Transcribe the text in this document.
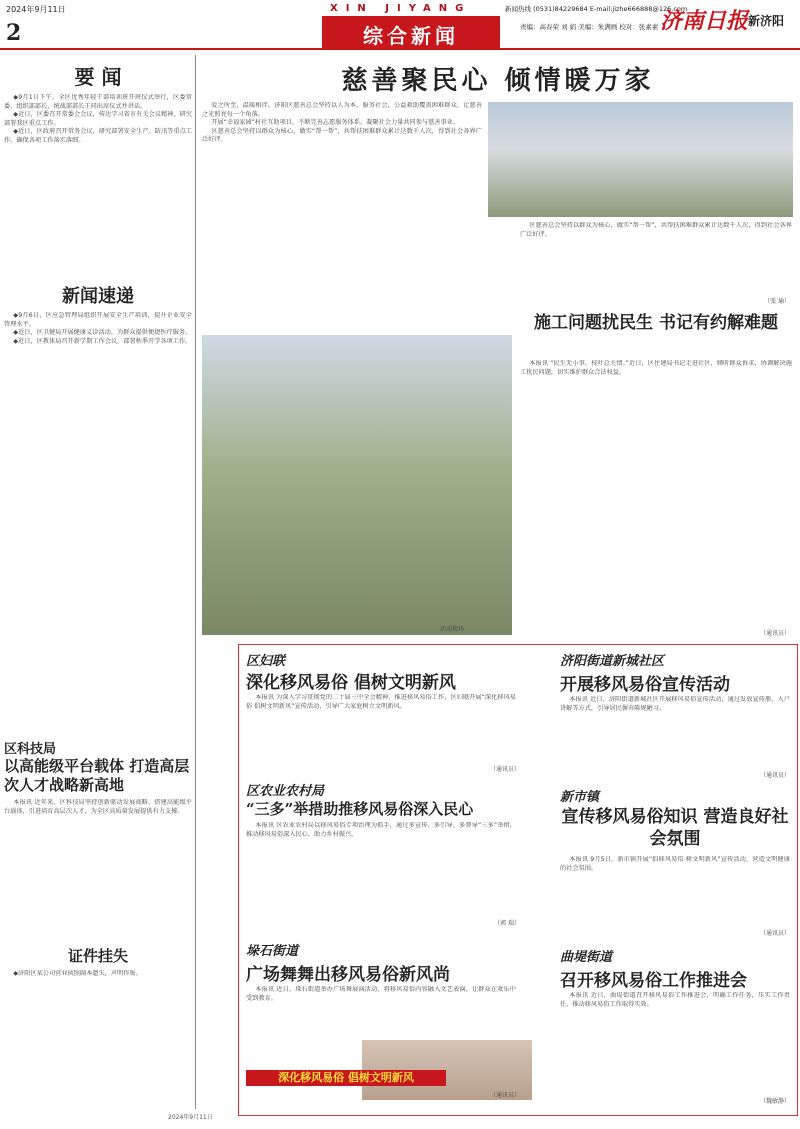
2024年9月11日
2
XIN JIYANG
综合新闻
新闻热线 (0531)84229684 E-mail:jizhe666888@126.com
责编：高春荣 刘 娟 美编：朱满画 校对：张素素 济南日报 新济阳
要 闻

◆9月1日下午，全区优秀年轻干部培训班开班仪式举行，区委常委、组织部部长、统战部部长王同出席仪式并讲话。

◆近日，区委召开常委会会议，传达学习省市有关会议精神，研究部署我区重点工作。

◆近日，区政府召开常务会议，研究部署安全生产、防汛等重点工作，确保各项工作落实落细。

新闻速递

◆9月6日，区应急管理局组织开展安全生产培训，提升企业安全管理水平。

◆近日，区卫健局开展健康义诊活动，为群众提供便捷医疗服务。

◆近日，区教体局召开新学期工作会议，部署秋季开学各项工作。

区科技局
以高能级平台载体 打造高层次人才战略新高地

本报讯 近年来，区科技局坚持创新驱动发展战略，搭建高能级平台载体，引进培育高层次人才，为全区高质量发展提供有力支撑。

证件挂失

◆济阳区某公司营业执照副本遗失，声明作废。

慈善聚民心 倾情暖万家

爱之所至，温暖相伴。济阳区慈善总会坚持以人为本，服务社会，公益救助覆盖困难群众，让慈善之光照亮每一个角落。

开展“幸福家园”村社互助项目，不断完善志愿服务体系，凝聚社会力量共同参与慈善事业。

区慈善总会坚持以群众为核心，做实“帮一帮”，共帮扶困难群众累计达数千人次，得到社会各界广泛好评。

活动现场

区慈善总会坚持以群众为核心，做实“帮一帮”，共帮扶困难群众累计达数千人次，得到社会各界广泛好评。

（张 瑜）
施工问题扰民生 书记有约解难题

本报讯 “民生无小事，枝叶总关情。”近日，区住建局书记走进社区，倾听群众诉求，协调解决施工扰民问题，切实维护群众合法权益。

（通讯员）
区妇联
深化移风易俗 倡树文明新风

本报讯 为深入学习贯彻党的二十届三中全会精神，推进移风易俗工作，区妇联开展“深化移风易俗 倡树文明新风”宣传活动，引导广大家庭树立文明新风。

（通讯员）
区农业农村局
“三多”举措助推移风易俗深入民心

本报讯 区农业农村局以移风易俗专项治理为抓手，通过多宣传、多引导、多督导“三多”举措，推动移风易俗深入民心，助力乡村振兴。

（郭 瑞）
垛石街道
广场舞舞出移风易俗新风尚

本报讯 近日，垛石街道举办广场舞展演活动，将移风易俗内容融入文艺表演，让群众在欢乐中受到教育。

深化移风易俗 倡树文明新风
（通讯员）
济阳街道新城社区
开展移风易俗宣传活动

本报讯 近日，济阳街道新城社区开展移风易俗宣传活动，通过发放宣传册、入户讲解等方式，引导居民摒弃陈规陋习。

（通讯员）
新市镇
宣传移风易俗知识 营造良好社会氛围

本报讯 9月5日，新市镇开展“倡移风易俗 树文明新风”宣传活动，营造文明健康的社会氛围。

（通讯员）
曲堤街道
召开移风易俗工作推进会

本报讯 近日，曲堤街道召开移风易俗工作推进会，明确工作任务，压实工作责任，推动移风易俗工作取得实效。

（魏敏静）
2024年9月11日
